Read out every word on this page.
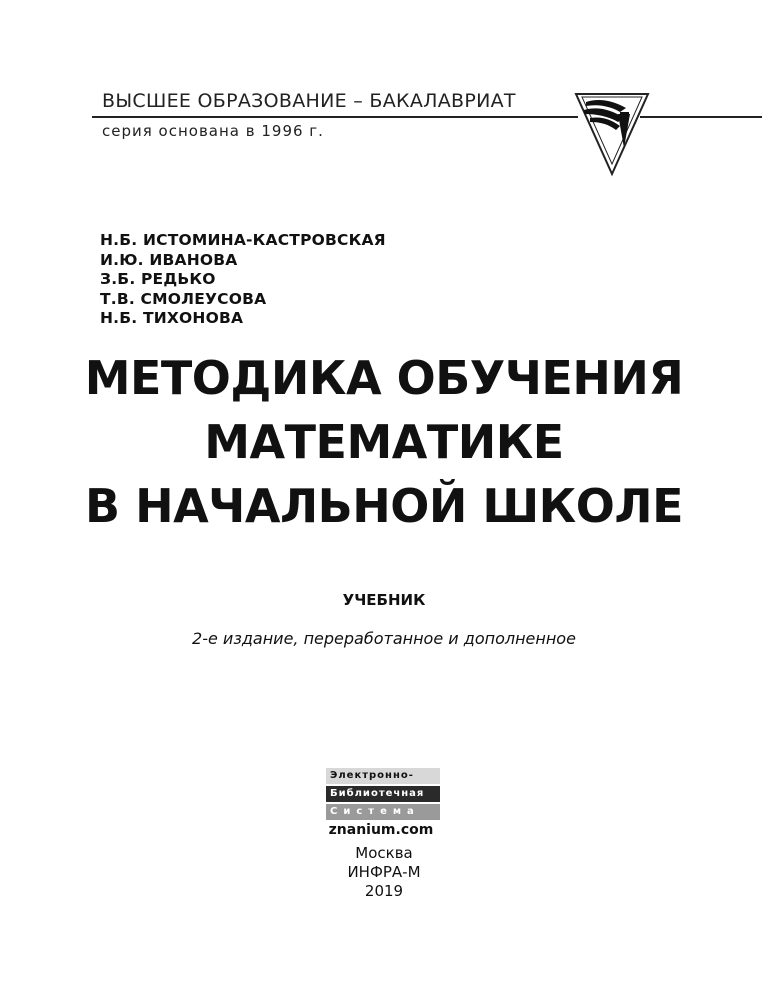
ВЫСШЕЕ ОБРАЗОВАНИЕ – БАКАЛАВРИАТ
серия основана в 1996 г.
Н.Б. ИСТОМИНА-КАСТРОВСКАЯ
И.Ю. ИВАНОВА
З.Б. РЕДЬКО
Т.В. СМОЛЕУСОВА
Н.Б. ТИХОНОВА
МЕТОДИКА ОБУЧЕНИЯ
МАТЕМАТИКЕ
В НАЧАЛЬНОЙ ШКОЛЕ
УЧЕБНИК
2-е издание, переработанное и дополненное
Электронно-
Библиотечная
Система
znanium.com
Москва
ИНФРА-М
2019
